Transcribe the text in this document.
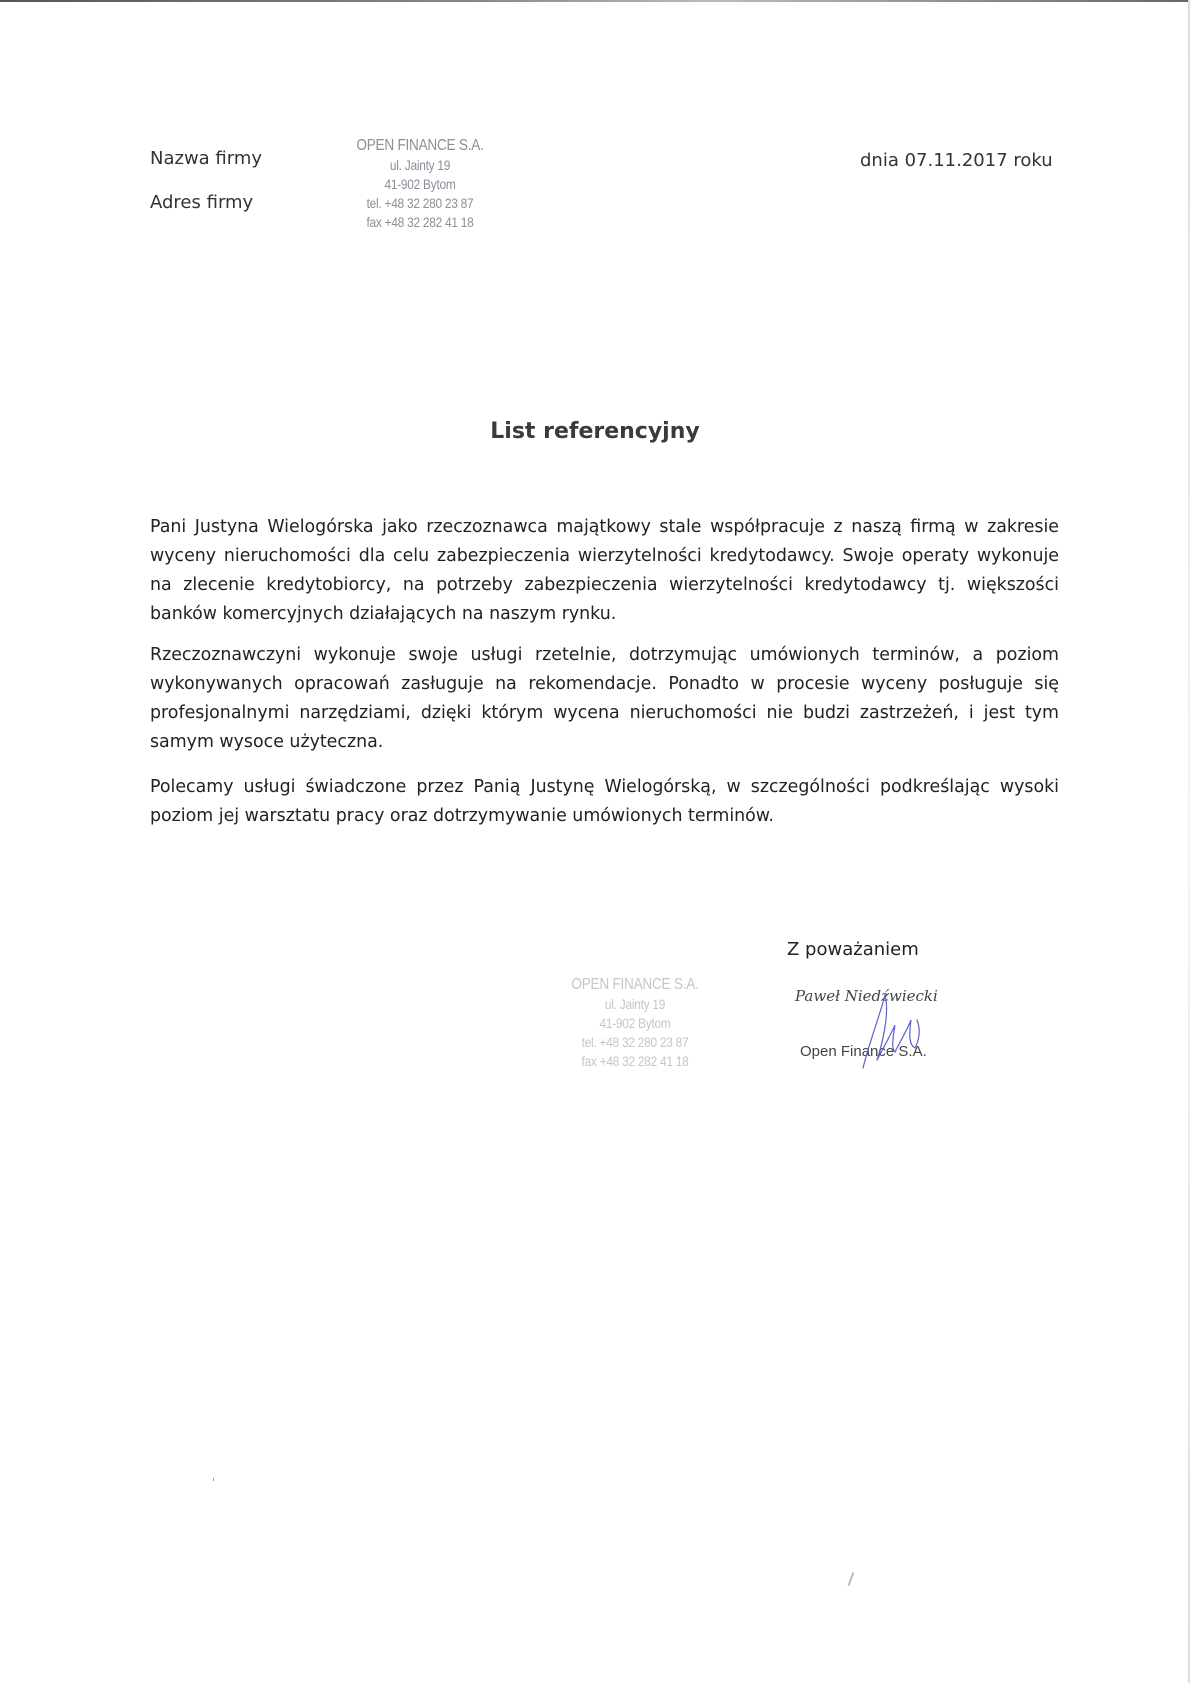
Nazwa firmy
Adres firmy
OPEN FINANCE S.A.
ul. Jainty 19
41-902 Bytom
tel. +48 32 280 23 87
fax +48 32 282 41 18
dnia 07.11.2017 roku
List referencyjny
Pani Justyna Wielogórska jako rzeczoznawca majątkowy stale współpracuje z naszą firmą w zakresie wyceny nieruchomości dla celu zabezpieczenia wierzytelności kredytodawcy. Swoje operaty wykonuje na zlecenie kredytobiorcy, na potrzeby zabezpieczenia wierzytelności kredytodawcy tj. większości banków komercyjnych działających na naszym rynku.
Rzeczoznawczyni wykonuje swoje usługi rzetelnie, dotrzymując umówionych terminów, a poziom wykonywanych opracowań zasługuje na rekomendacje. Ponadto w procesie wyceny posługuje się profesjonalnymi narzędziami, dzięki którym wycena nieruchomości nie budzi zastrzeżeń, i jest tym samym wysoce użyteczna.
Polecamy usługi świadczone przez Panią Justynę Wielogórską, w szczególności podkreślając wysoki poziom jej warsztatu pracy oraz dotrzymywanie umówionych terminów.
OPEN FINANCE S.A.
ul. Jainty 19
41-902 Bytom
tel. +48 32 280 23 87
fax +48 32 282 41 18
Z poważaniem
Paweł Niedźwiecki
Open Finance S.A.
